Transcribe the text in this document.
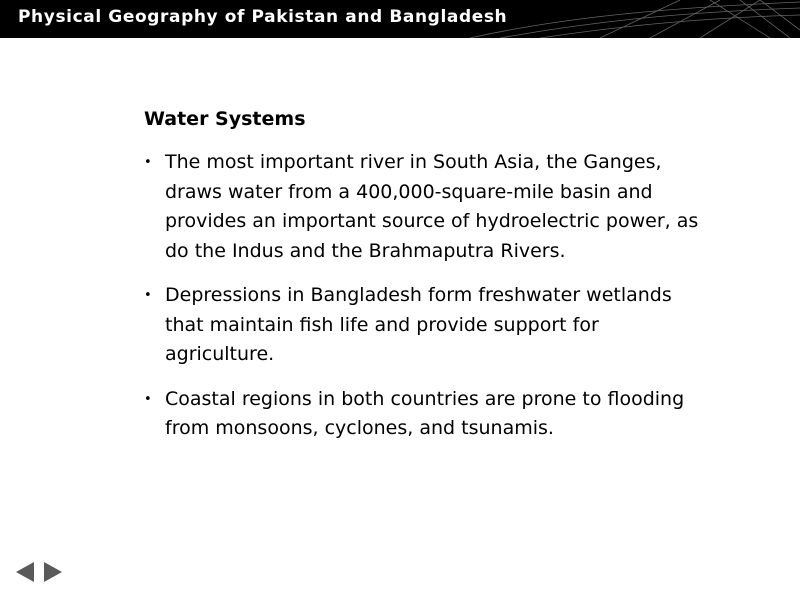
Physical Geography of Pakistan and Bangladesh
Water Systems
• The most important river in South Asia, the Ganges, draws water from a 400,000-square-mile basin and provides an important source of hydroelectric power, as do the Indus and the Brahmaputra Rivers.
• Depressions in Bangladesh form freshwater wetlands that maintain fish life and provide support for agriculture.
• Coastal regions in both countries are prone to flooding from monsoons, cyclones, and tsunamis.
